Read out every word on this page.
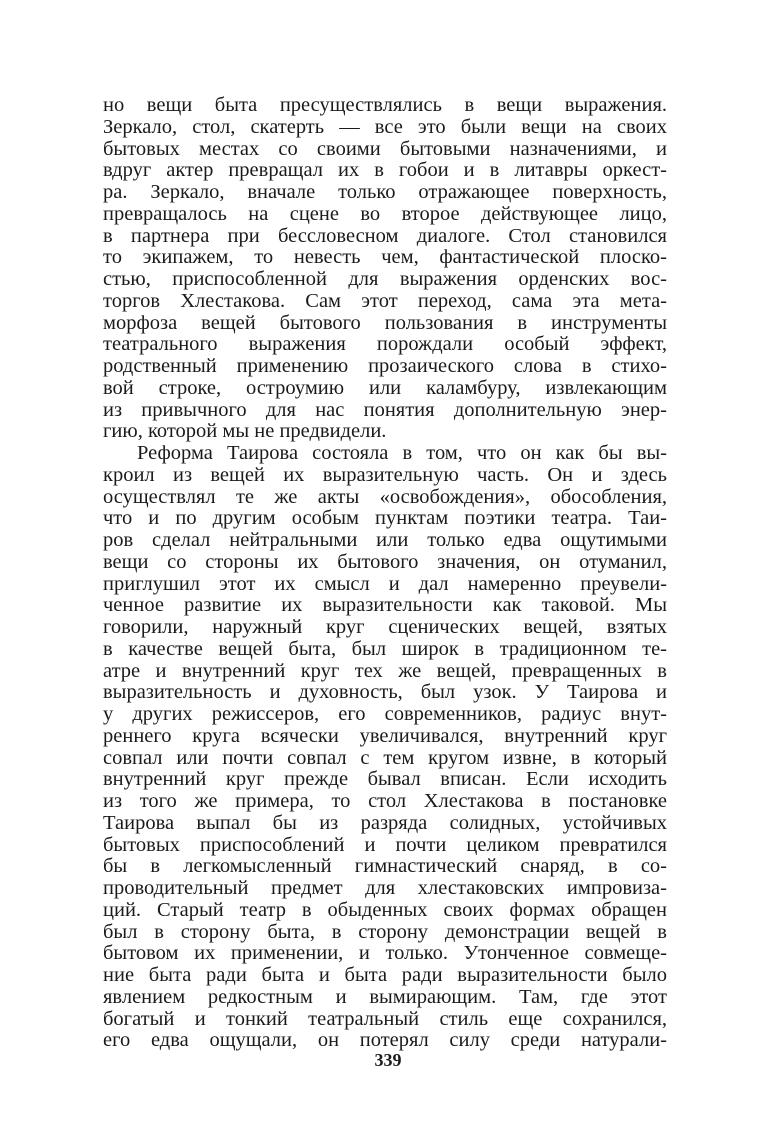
но вещи быта пресуществлялись в вещи выражения.
Зеркало, стол, скатерть — все это были вещи на своих
бытовых местах со своими бытовыми назначениями, и
вдруг актер превращал их в гобои и в литавры оркест-
ра. Зеркало, вначале только отражающее поверхность,
превращалось на сцене во второе действующее лицо,
в партнера при бессловесном диалоге. Стол становился
то экипажем, то невесть чем, фантастической плоско-
стью, приспособленной для выражения орденских вос-
торгов Хлестакова. Сам этот переход, сама эта мета-
морфоза вещей бытового пользования в инструменты
театрального выражения порождали особый эффект,
родственный применению прозаического слова в стихо-
вой строке, остроумию или каламбуру, извлекающим
из привычного для нас понятия дополнительную энер-
гию, которой мы не предвидели.
Реформа Таирова состояла в том, что он как бы вы-
кроил из вещей их выразительную часть. Он и здесь
осуществлял те же акты «освобождения», обособления,
что и по другим особым пунктам поэтики театра. Таи-
ров сделал нейтральными или только едва ощутимыми
вещи со стороны их бытового значения, он отуманил,
приглушил этот их смысл и дал намеренно преувели-
ченное развитие их выразительности как таковой. Мы
говорили, наружный круг сценических вещей, взятых
в качестве вещей быта, был широк в традиционном те-
атре и внутренний круг тех же вещей, превращенных в
выразительность и духовность, был узок. У Таирова и
у других режиссеров, его современников, радиус внут-
реннего круга всячески увеличивался, внутренний круг
совпал или почти совпал с тем кругом извне, в который
внутренний круг прежде бывал вписан. Если исходить
из того же примера, то стол Хлестакова в постановке
Таирова выпал бы из разряда солидных, устойчивых
бытовых приспособлений и почти целиком превратился
бы в легкомысленный гимнастический снаряд, в со-
проводительный предмет для хлестаковских импровиза-
ций. Старый театр в обыденных своих формах обращен
был в сторону быта, в сторону демонстрации вещей в
бытовом их применении, и только. Утонченное совмеще-
ние быта ради быта и быта ради выразительности было
явлением редкостным и вымирающим. Там, где этот
богатый и тонкий театральный стиль еще сохранился,
его едва ощущали, он потерял силу среди натурали-
339
